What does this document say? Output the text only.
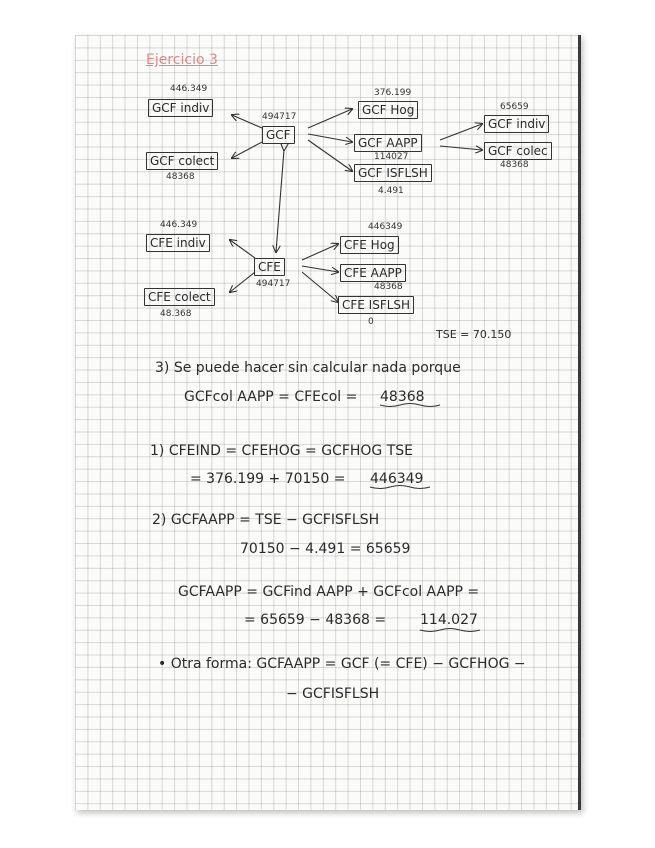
Ejercicio 3
446.349
GCF indiv
494717
GCF
GCF colect
48368
376.199
GCF Hog
GCF AAPP
114027
GCF ISFLSH
4.491
65659
GCF indiv
GCF colec
48368
446.349
CFE indiv
CFE
494717
CFE colect
48.368
446349
CFE Hog
CFE AAPP
48368
CFE ISFLSH
0
TSE = 70.150
3) Se puede hacer sin calcular nada porque
GCFcol AAPP = CFEcol = 48368
1) CFEIND = CFEHOG = GCFHOG TSE
= 376.199 + 70150 = 446349
2) GCFAAPP = TSE − GCFISFLSH
70150 − 4.491 = 65659
GCFAAPP = GCFind AAPP + GCFcol AAPP =
= 65659 − 48368 = 114.027
• Otra forma: GCFAAPP = GCF (= CFE) − GCFHOG −
− GCFISFLSH
